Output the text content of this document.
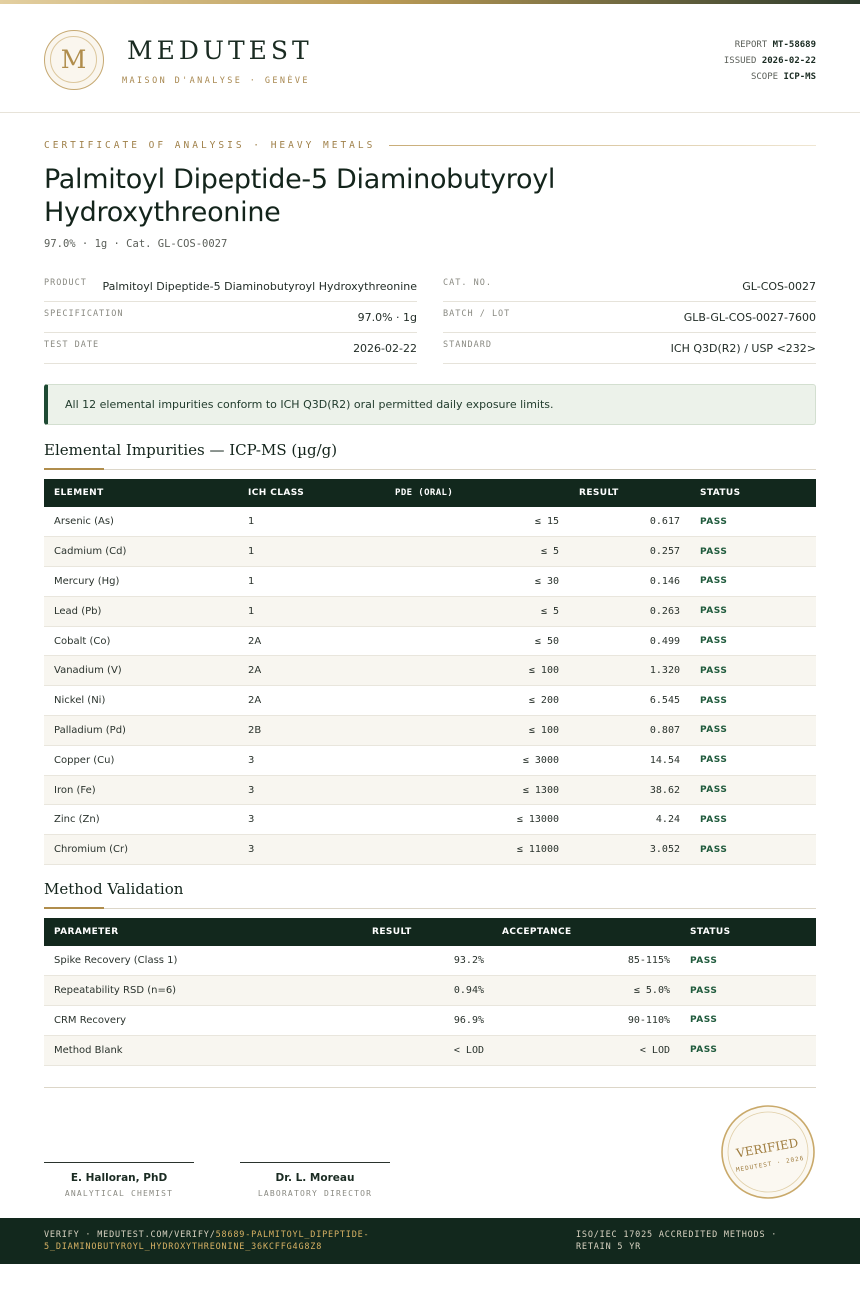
M	MEDUTEST
MAISON D'ANALYSE · GENÈVE
REPORT MT-58689
ISSUED 2026-02-22
SCOPE ICP-MS
CERTIFICATE OF ANALYSIS · HEAVY METALS
Palmitoyl Dipeptide-5 Diaminobutyroyl
Hydroxythreonine
97.0% · 1g · Cat. GL-COS-0027
PRODUCT Palmitoyl Dipeptide-5 Diaminobutyroyl Hydroxythreonine
SPECIFICATION	97.0% · 1g
TEST DATE	2026-02-22
CAT. NO.	GL-COS-0027
BATCH / LOT	GLB-GL-COS-0027-7600
STANDARD	ICH Q3D(R2) / USP <232>
All 12 elemental impurities conform to ICH Q3D(R2) oral permitted daily exposure limits.
Elemental Impurities — ICP-MS (µg/g)
ELEMENT	ICH CLASS	PDE (ORAL)		RESULT	STATUS
Arsenic (As)	1		≤ 15	0.617	PASS
Cadmium (Cd)	1		≤ 5	0.257	PASS
Mercury (Hg)	1		≤ 30	0.146	PASS
Lead (Pb)	1		≤ 5	0.263	PASS
Cobalt (Co)	2A		≤ 50	0.499	PASS
Vanadium (V)	2A		≤ 100	1.320	PASS
Nickel (Ni)	2A		≤ 200	6.545	PASS
Palladium (Pd)	2B		≤ 100	0.807	PASS
Copper (Cu)	3		≤ 3000	14.54	PASS
Iron (Fe)	3		≤ 1300	38.62	PASS
Zinc (Zn)	3		≤ 13000	4.24	PASS
Chromium (Cr)	3		≤ 11000	3.052	PASS
Method Validation
PARAMETER	RESULT	ACCEPTANCE	STATUS
Spike Recovery (Class 1)	93.2%	85-115%	PASS
Repeatability RSD (n=6)	0.94%	≤ 5.0%	PASS
CRM Recovery	96.9%	90-110%	PASS
Method Blank	< LOD	< LOD	PASS
E. Halloran, PhD
ANALYTICAL CHEMIST
Dr. L. Moreau
LABORATORY DIRECTOR
VERIFIED
MEDUTEST · 2026
VERIFY · MEDUTEST.COM/VERIFY/58689-PALMITOYL_DIPEPTIDE-5_DIAMINOBUTYROYL_HYDROXYTHREONINE_36KCFFG4G8Z8
ISO/IEC 17025 ACCREDITED METHODS · RETAIN 5 YR
